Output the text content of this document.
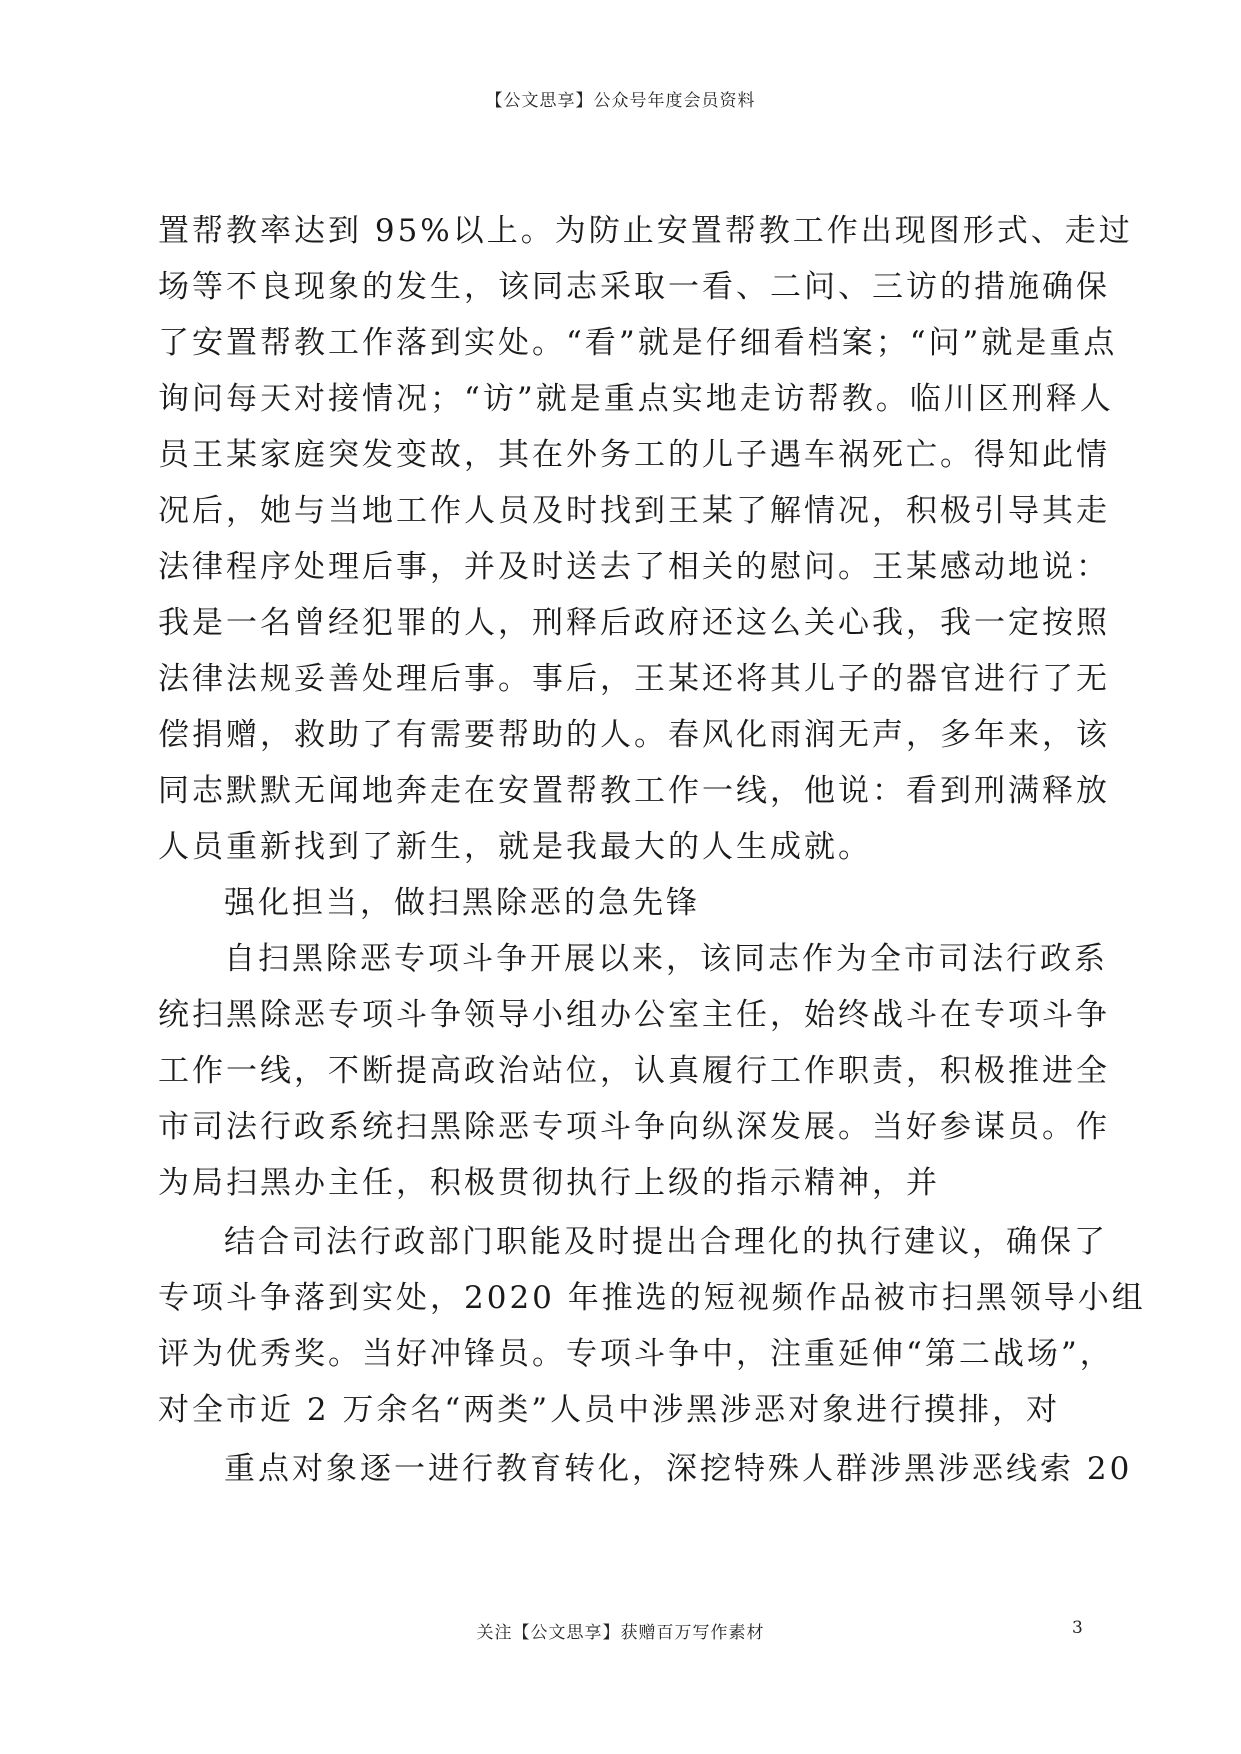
【公文思享】公众号年度会员资料
置帮教率达到 95%以上。为防止安置帮教工作出现图形式、走过
场等不良现象的发生，该同志采取一看、二问、三访的措施确保
了安置帮教工作落到实处。“看”就是仔细看档案；“问”就是重点
询问每天对接情况；“访”就是重点实地走访帮教。临川区刑释人
员王某家庭突发变故，其在外务工的儿子遇车祸死亡。得知此情
况后，她与当地工作人员及时找到王某了解情况，积极引导其走
法律程序处理后事，并及时送去了相关的慰问。王某感动地说：
我是一名曾经犯罪的人，刑释后政府还这么关心我，我一定按照
法律法规妥善处理后事。事后，王某还将其儿子的器官进行了无
偿捐赠，救助了有需要帮助的人。春风化雨润无声，多年来，该
同志默默无闻地奔走在安置帮教工作一线，他说：看到刑满释放
人员重新找到了新生，就是我最大的人生成就。
强化担当，做扫黑除恶的急先锋
自扫黑除恶专项斗争开展以来，该同志作为全市司法行政系
统扫黑除恶专项斗争领导小组办公室主任，始终战斗在专项斗争
工作一线，不断提高政治站位，认真履行工作职责，积极推进全
市司法行政系统扫黑除恶专项斗争向纵深发展。当好参谋员。作
为局扫黑办主任，积极贯彻执行上级的指示精神，并
结合司法行政部门职能及时提出合理化的执行建议，确保了
专项斗争落到实处，2020 年推选的短视频作品被市扫黑领导小组
评为优秀奖。当好冲锋员。专项斗争中，注重延伸“第二战场”，
对全市近 2 万余名“两类”人员中涉黑涉恶对象进行摸排，对
重点对象逐一进行教育转化，深挖特殊人群涉黑涉恶线索 20
关注【公文思享】获赠百万写作素材	3
